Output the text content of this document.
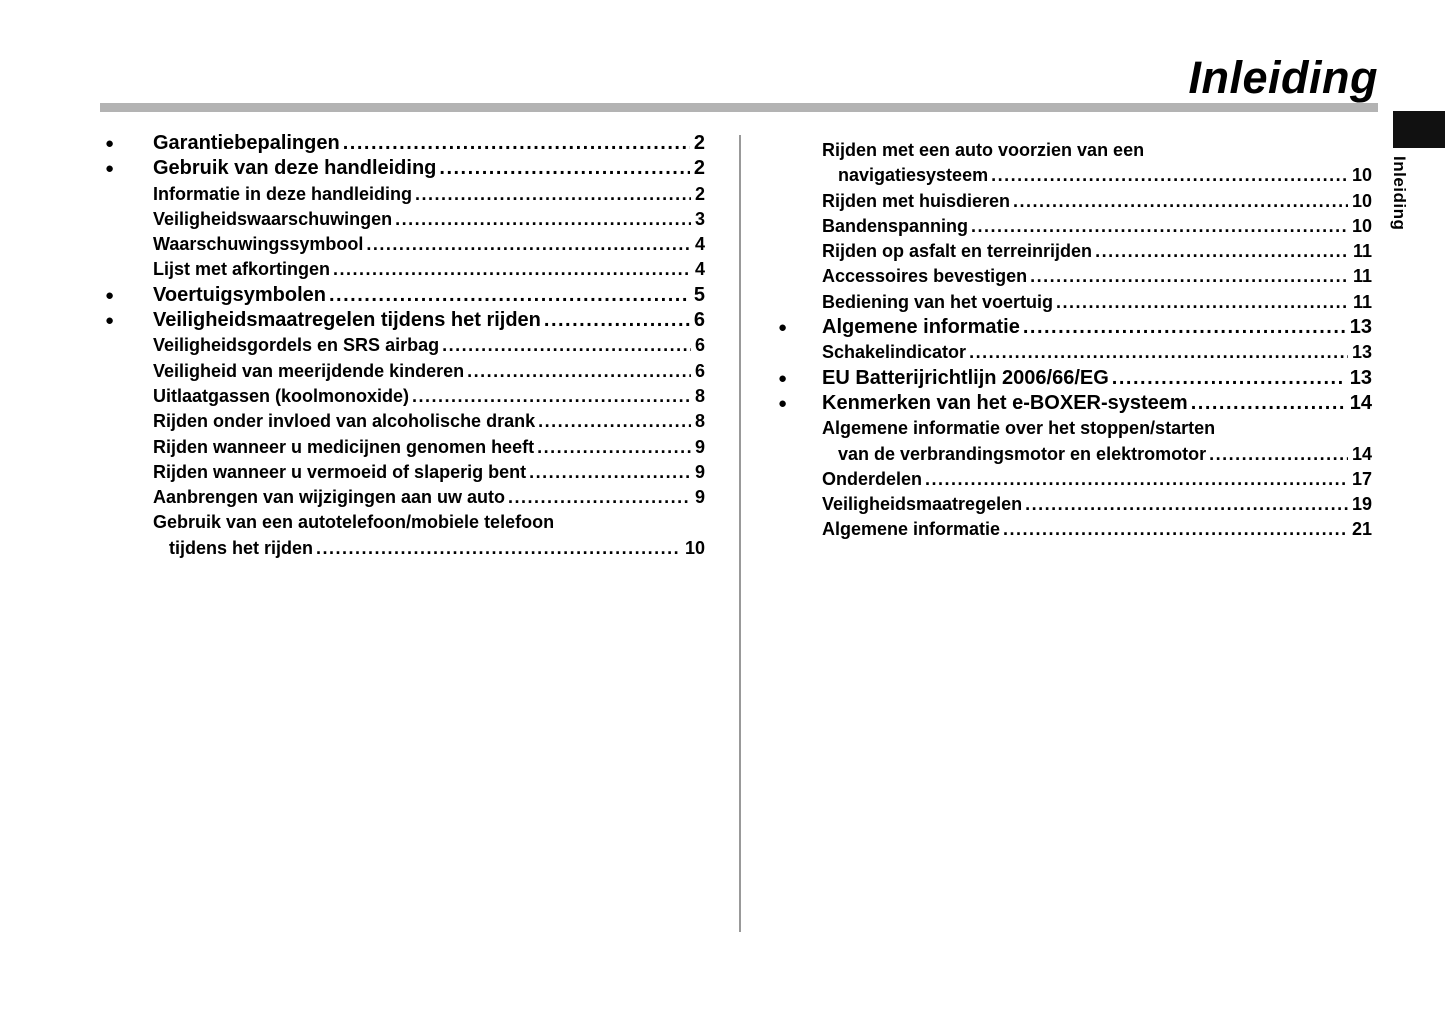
Inleiding
Inleiding
●	Garantiebepalingen .....	2
●	Gebruik van deze handleiding .....	2
Informatie in deze handleiding .....	2
Veiligheidswaarschuwingen .....	3
Waarschuwingssymbool .....	4
Lijst met afkortingen .....	4
●	Voertuigsymbolen .....	5
●	Veiligheidsmaatregelen tijdens het rijden .....	6
Veiligheidsgordels en SRS airbag .....	6
Veiligheid van meerijdende kinderen .....	6
Uitlaatgassen (koolmonoxide) .....	8
Rijden onder invloed van alcoholische drank .....	8
Rijden wanneer u medicijnen genomen heeft .....	9
Rijden wanneer u vermoeid of slaperig bent .....	9
Aanbrengen van wijzigingen aan uw auto .....	9
Gebruik van een autotelefoon/mobiele telefoon
tijdens het rijden .....	10
Rijden met een auto voorzien van een
navigatiesysteem .....	10
Rijden met huisdieren .....	10
Bandenspanning .....	10
Rijden op asfalt en terreinrijden .....	11
Accessoires bevestigen .....	11
Bediening van het voertuig .....	11
●	Algemene informatie .....	13
Schakelindicator .....	13
●	EU Batterijrichtlijn 2006/66/EG .....	13
●	Kenmerken van het e-BOXER-systeem .....	14
Algemene informatie over het stoppen/starten
van de verbrandingsmotor en elektromotor .....	14
Onderdelen .....	17
Veiligheidsmaatregelen .....	19
Algemene informatie .....	21
